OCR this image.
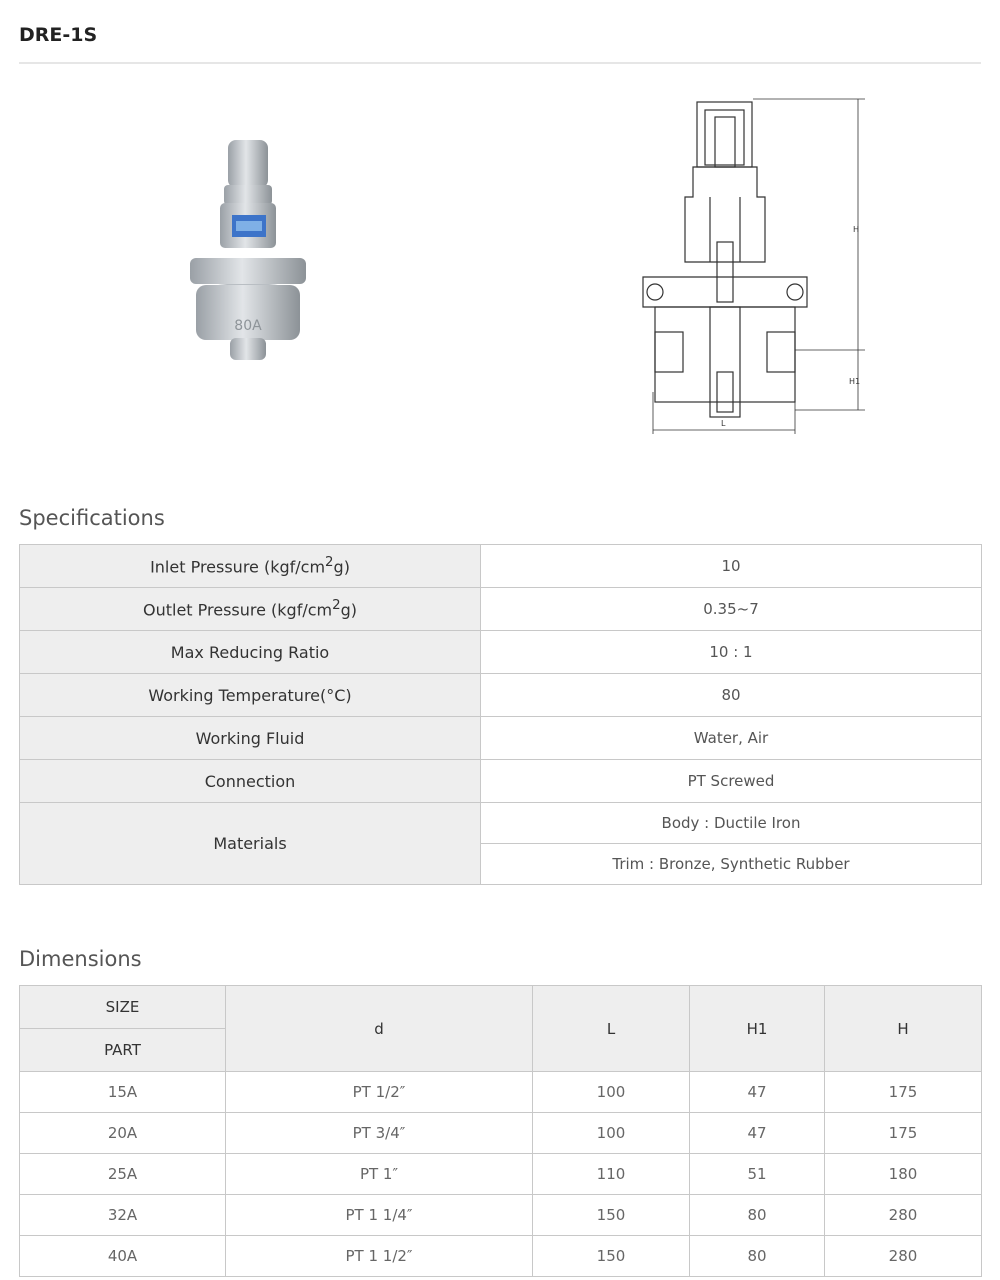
DRE-1S
80A
H
H1
L
Specifications
Inlet Pressure $(kgf/cm^2g)$	10
Outlet Pressure $(kgf/cm^2g)$	0.35~7
Max Reducing Ratio	10 : 1
Working Temperature(°C)	80
Working Fluid	Water, Air
Connection	PT Screwed
Materials	Body : Ductile Iron
	Trim : Bronze, Synthetic Rubber
Dimensions
SIZE	d	L	H1	H
PART				
15A	PT 1/2″	100	47	175
20A	PT 3/4″	100	47	175
25A	PT 1″	110	51	180
32A	PT 1 1/4″	150	80	280
40A	PT 1 1/2″	150	80	280
